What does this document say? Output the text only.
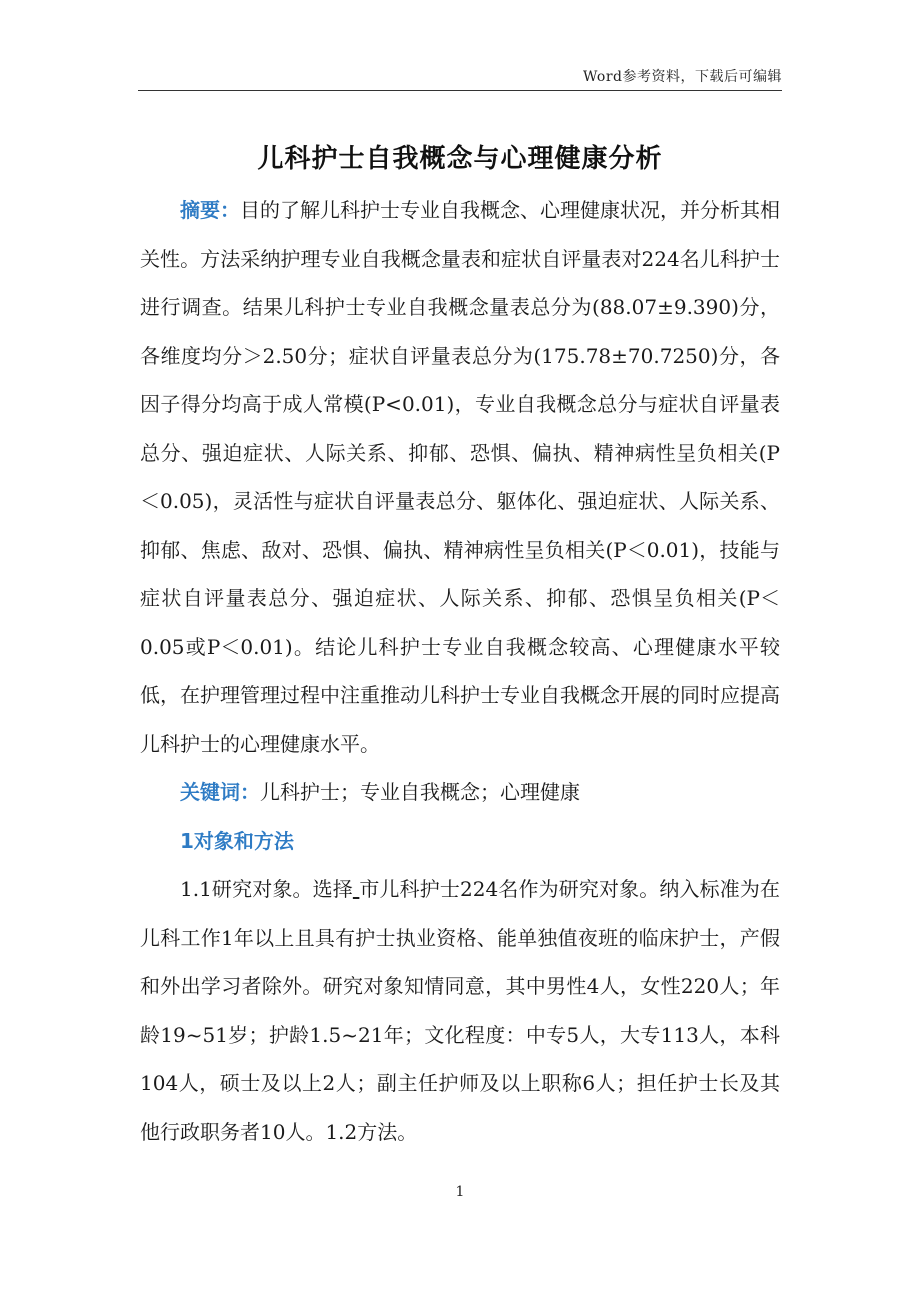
Word参考资料，下载后可编辑
儿科护士自我概念与心理健康分析

摘要：目的了解儿科护士专业自我概念、心理健康状况，并分析其相关性。方法采纳护理专业自我概念量表和症状自评量表对224名儿科护士进行调查。结果儿科护士专业自我概念量表总分为(88.07±9.390)分，各维度均分＞2.50分；症状自评量表总分为(175.78±70.7250)分，各因子得分均高于成人常模(P<0.01)，专业自我概念总分与症状自评量表总分、强迫症状、人际关系、抑郁、恐惧、偏执、精神病性呈负相关(P＜0.05)，灵活性与症状自评量表总分、躯体化、强迫症状、人际关系、抑郁、焦虑、敌对、恐惧、偏执、精神病性呈负相关(P＜0.01)，技能与症状自评量表总分、强迫症状、人际关系、抑郁、恐惧呈负相关(P＜0.05或P＜0.01)。结论儿科护士专业自我概念较高、心理健康水平较低，在护理管理过程中注重推动儿科护士专业自我概念开展的同时应提高儿科护士的心理健康水平。

关键词：儿科护士；专业自我概念；心理健康

1对象和方法

1.1研究对象。选择 市儿科护士224名作为研究对象。纳入标准为在儿科工作1年以上且具有护士执业资格、能单独值夜班的临床护士，产假和外出学习者除外。研究对象知情同意，其中男性4人，女性220人；年龄19~51岁；护龄1.5~21年；文化程度：中专5人，大专113人，本科104人，硕士及以上2人；副主任护师及以上职称6人；担任护士长及其他行政职务者10人。1.2方法。

1
